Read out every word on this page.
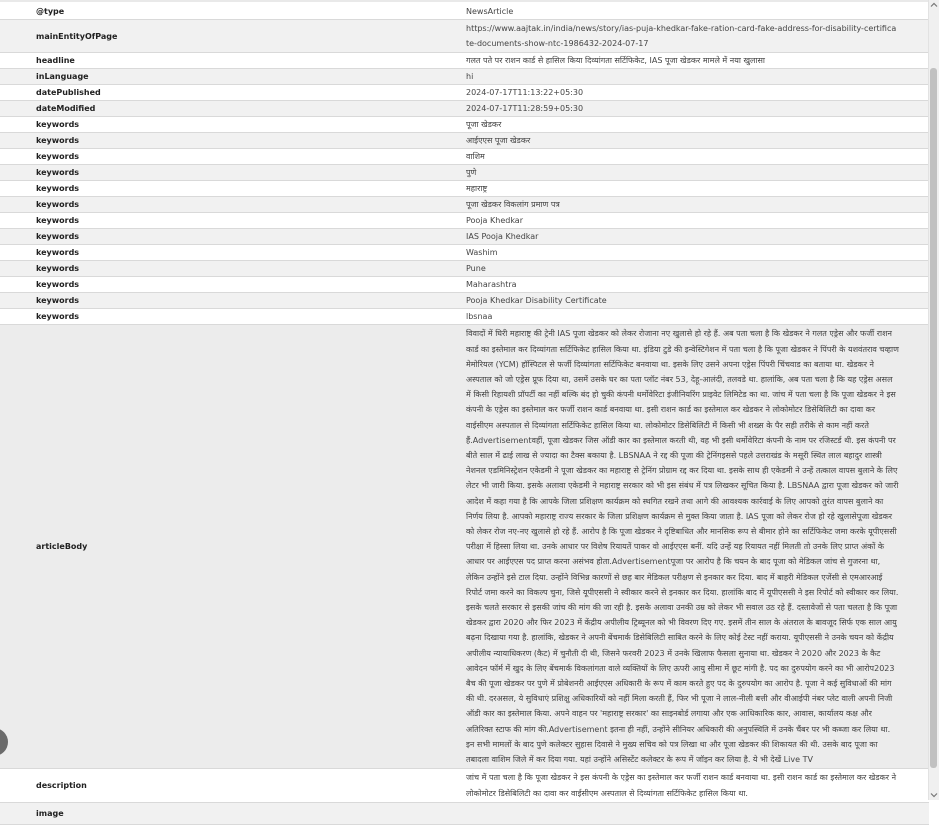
@type	NewsArticle
mainEntityOfPage	https://www.aajtak.in/india/news/story/ias-puja-khedkar-fake-ration-card-fake-address-for-disability-certificate-documents-show-ntc-1986432-2024-07-17
headline	गलत पते पर राशन कार्ड से हासिल किया दिव्यांगता सर्टिफिकेट, IAS पूजा खेडकर मामले में नया खुलासा
inLanguage	hi
datePublished	2024-07-17T11:13:22+05:30
dateModified	2024-07-17T11:28:59+05:30
keywords	पूजा खेडकर
keywords	आईएएस पूजा खेडकर
keywords	वाशिम
keywords	पुणे
keywords	महाराष्ट्र
keywords	पूजा खेडकर विकलांग प्रमाण पत्र
keywords	Pooja Khedkar
keywords	IAS Pooja Khedkar
keywords	Washim
keywords	Pune
keywords	Maharashtra
keywords	Pooja Khedkar Disability Certificate
keywords	lbsnaa
articleBody	विवादों में घिरी महाराष्ट्र की ट्रेनी IAS पूजा खेडकर को लेकर रोजाना नए खुलासे हो रहे हैं. अब पता चला है कि खेडकर ने गलत एड्रेस और फर्जी राशन कार्ड का इस्तेमाल कर दिव्यांगता सर्टिफिकेट हासिल किया था. इंडिया टुडे की इन्वेस्टिगेशन में पता चला है कि पूजा खेडकर ने पिंपरी के यशवंतराव चव्हाण मेमोरियल (YCM) हॉस्पिटल से फर्जी दिव्यांगता सर्टिफिकेट बनवाया था. इसके लिए उसने अपना एड्रेस पिंपरी चिंचवाड का बताया था. खेडकर ने अस्पताल को जो एड्रेस प्रूफ दिया था, उसमें उसके घर का पता प्लॉट नंबर 53, देहू-आलंदी, तलवडे था. हालांकि, अब पता चला है कि यह एड्रेस असल में किसी रिहायशी प्रॉपर्टी का नहीं बल्कि बंद हो चुकी कंपनी थर्मोवेरिटा इंजीनियरिंग प्राइवेट लिमिटेड का था. जांच में पता चला है कि पूजा खेडकर ने इस कंपनी के एड्रेस का इस्तेमाल कर फर्जी राशन कार्ड बनवाया था. इसी राशन कार्ड का इस्तेमाल कर खेडकर ने लोकोमोटर डिसेबिलिटी का दावा कर वाईसीएम अस्पताल से दिव्यांगता सर्टिफिकेट हासिल किया था. लोकोमोटर डिसेबिलिटी में किसी भी शख्स के पैर सही तरीके से काम नहीं करते हैं.Advertisementवहीं, पूजा खेडकर जिस ऑडी कार का इस्तेमाल करती थी, वह भी इसी थर्मोवेरिटा कंपनी के नाम पर रजिस्टर्ड थी. इस कंपनी पर बीते साल में ढाई लाख से ज्यादा का टैक्स बकाया है. LBSNAA ने रद्द की पूजा की ट्रेनिंगइससे पहले उत्तराखंड के मसूरी स्थित लाल बहादुर शास्त्री नेशनल एडमिनिस्ट्रेशन एकेडमी ने पूजा खेडकर का महाराष्ट्र से ट्रेनिंग प्रोग्राम रद्द कर दिया था. इसके साथ ही एकेडमी ने उन्हें तत्काल वापस बुलाने के लिए लेटर भी जारी किया. इसके अलावा एकेडमी ने महाराष्ट्र सरकार को भी इस संबंध में पत्र लिखकर सूचित किया है. LBSNAA द्वारा पूजा खेडकर को जारी आदेश में कहा गया है कि आपके जिला प्रशिक्षण कार्यक्रम को स्थगित रखने तथा आगे की आवश्यक कार्रवाई के लिए आपको तुरंत वापस बुलाने का निर्णय लिया है. आपको महाराष्ट्र राज्य सरकार के जिला प्रशिक्षण कार्यक्रम से मुक्त किया जाता है. IAS पूजा को लेकर रोज हो रहे खुलासेपूजा खेडकर को लेकर रोज नए-नए खुलासे हो रहे हैं. आरोप है कि पूजा खेडकर ने दृष्टिबाधित और मानसिक रूप से बीमार होने का सर्टिफिकेट जमा करके यूपीएससी परीक्षा में हिस्सा लिया था. उनके आधार पर विशेष रियायतें पाकर वो आईएएस बनीं. यदि उन्हें यह रियायत नहीं मिलती तो उनके लिए प्राप्त अंकों के आधार पर आईएएस पद प्राप्त करना असंभव होता.Advertisementपूजा पर आरोप है कि चयन के बाद पूजा को मेडिकल जांच से गुजरना था, लेकिन उन्होंने इसे टाल दिया. उन्होंने विभिन्न कारणों से छह बार मेडिकल परीक्षण से इनकार कर दिया. बाद में बाहरी मेडिकल एजेंसी से एमआरआई रिपोर्ट जमा करने का विकल्प चुना, जिसे यूपीएससी ने स्वीकार करने से इनकार कर दिया. हालांकि बाद में यूपीएससी ने इस रिपोर्ट को स्वीकार कर लिया. इसके चलते सरकार से इसकी जांच की मांग की जा रही है. इसके अलावा उनकी उम्र को लेकर भी सवाल उठ रहे हैं. दस्तावेजों से पता चलता है कि पूजा खेडकर द्वारा 2020 और फिर 2023 में केंद्रीय अपीलीय ट्रिब्यूनल को भी विवरण दिए गए. इसमें तीन साल के अंतराल के बावजूद सिर्फ एक साल आयु बढ़ना दिखाया गया है. हालांकि, खेडकर ने अपनी बेंचमार्क डिसेबिलिटी साबित करने के लिए कोई टेस्ट नहीं कराया. यूपीएससी ने उनके चयन को केंद्रीय अपीलीय न्यायाधिकरण (कैट) में चुनौती दी थी, जिसने फरवरी 2023 में उनके खिलाफ फैसला सुनाया था. खेडकर ने 2020 और 2023 के कैट आवेदन फॉर्म में खुद के लिए बेंचमार्क विकलांगता वाले व्यक्तियों के लिए ऊपरी आयु सीमा में छूट मांगी है. पद का दुरुपयोग करने का भी आरोप2023 बैच की पूजा खेडकर पर पुणे में प्रोबेशनरी आईएएस अधिकारी के रूप में काम करते हुए पद के दुरुपयोग का आरोप है. पूजा ने कई सुविधाओं की मांग की थी. दरअसल, ये सुविधाएं प्रशिक्षु अधिकारियों को नहीं मिला करती हैं, फिर भी पूजा ने लाल-नीली बत्ती और वीआईपी नंबर प्लेट वाली अपनी निजी ऑडी कार का इस्तेमाल किया. अपने वाहन पर 'महाराष्ट्र सरकार' का साइनबोर्ड लगाया और एक आधिकारिक कार, आवास, कार्यालय कक्ष और अतिरिक्त स्टाफ की मांग की.Advertisement इतना ही नहीं, उन्होंने सीनियर अधिकारी की अनुपस्थिति में उनके चैंबर पर भी कब्जा कर लिया था. इन सभी मामलों के बाद पुणे कलेक्टर सुहास दिवासे ने मुख्य सचिव को पत्र लिखा था और पूजा खेडकर की शिकायत की थी. उसके बाद पूजा का तबादला वाशिम जिले में कर दिया गया. यहां उन्होंने असिस्टेंट कलेक्टर के रूप में जॉइन कर लिया है. ये भी देखें Live TV
description	जांच में पता चला है कि पूजा खेडकर ने इस कंपनी के एड्रेस का इस्तेमाल कर फर्जी राशन कार्ड बनवाया था. इसी राशन कार्ड का इस्तेमाल कर खेडकर ने लोकोमोटर डिसेबिलिटी का दावा कर वाईसीएम अस्पताल से दिव्यांगता सर्टिफिकेट हासिल किया था.
image	
